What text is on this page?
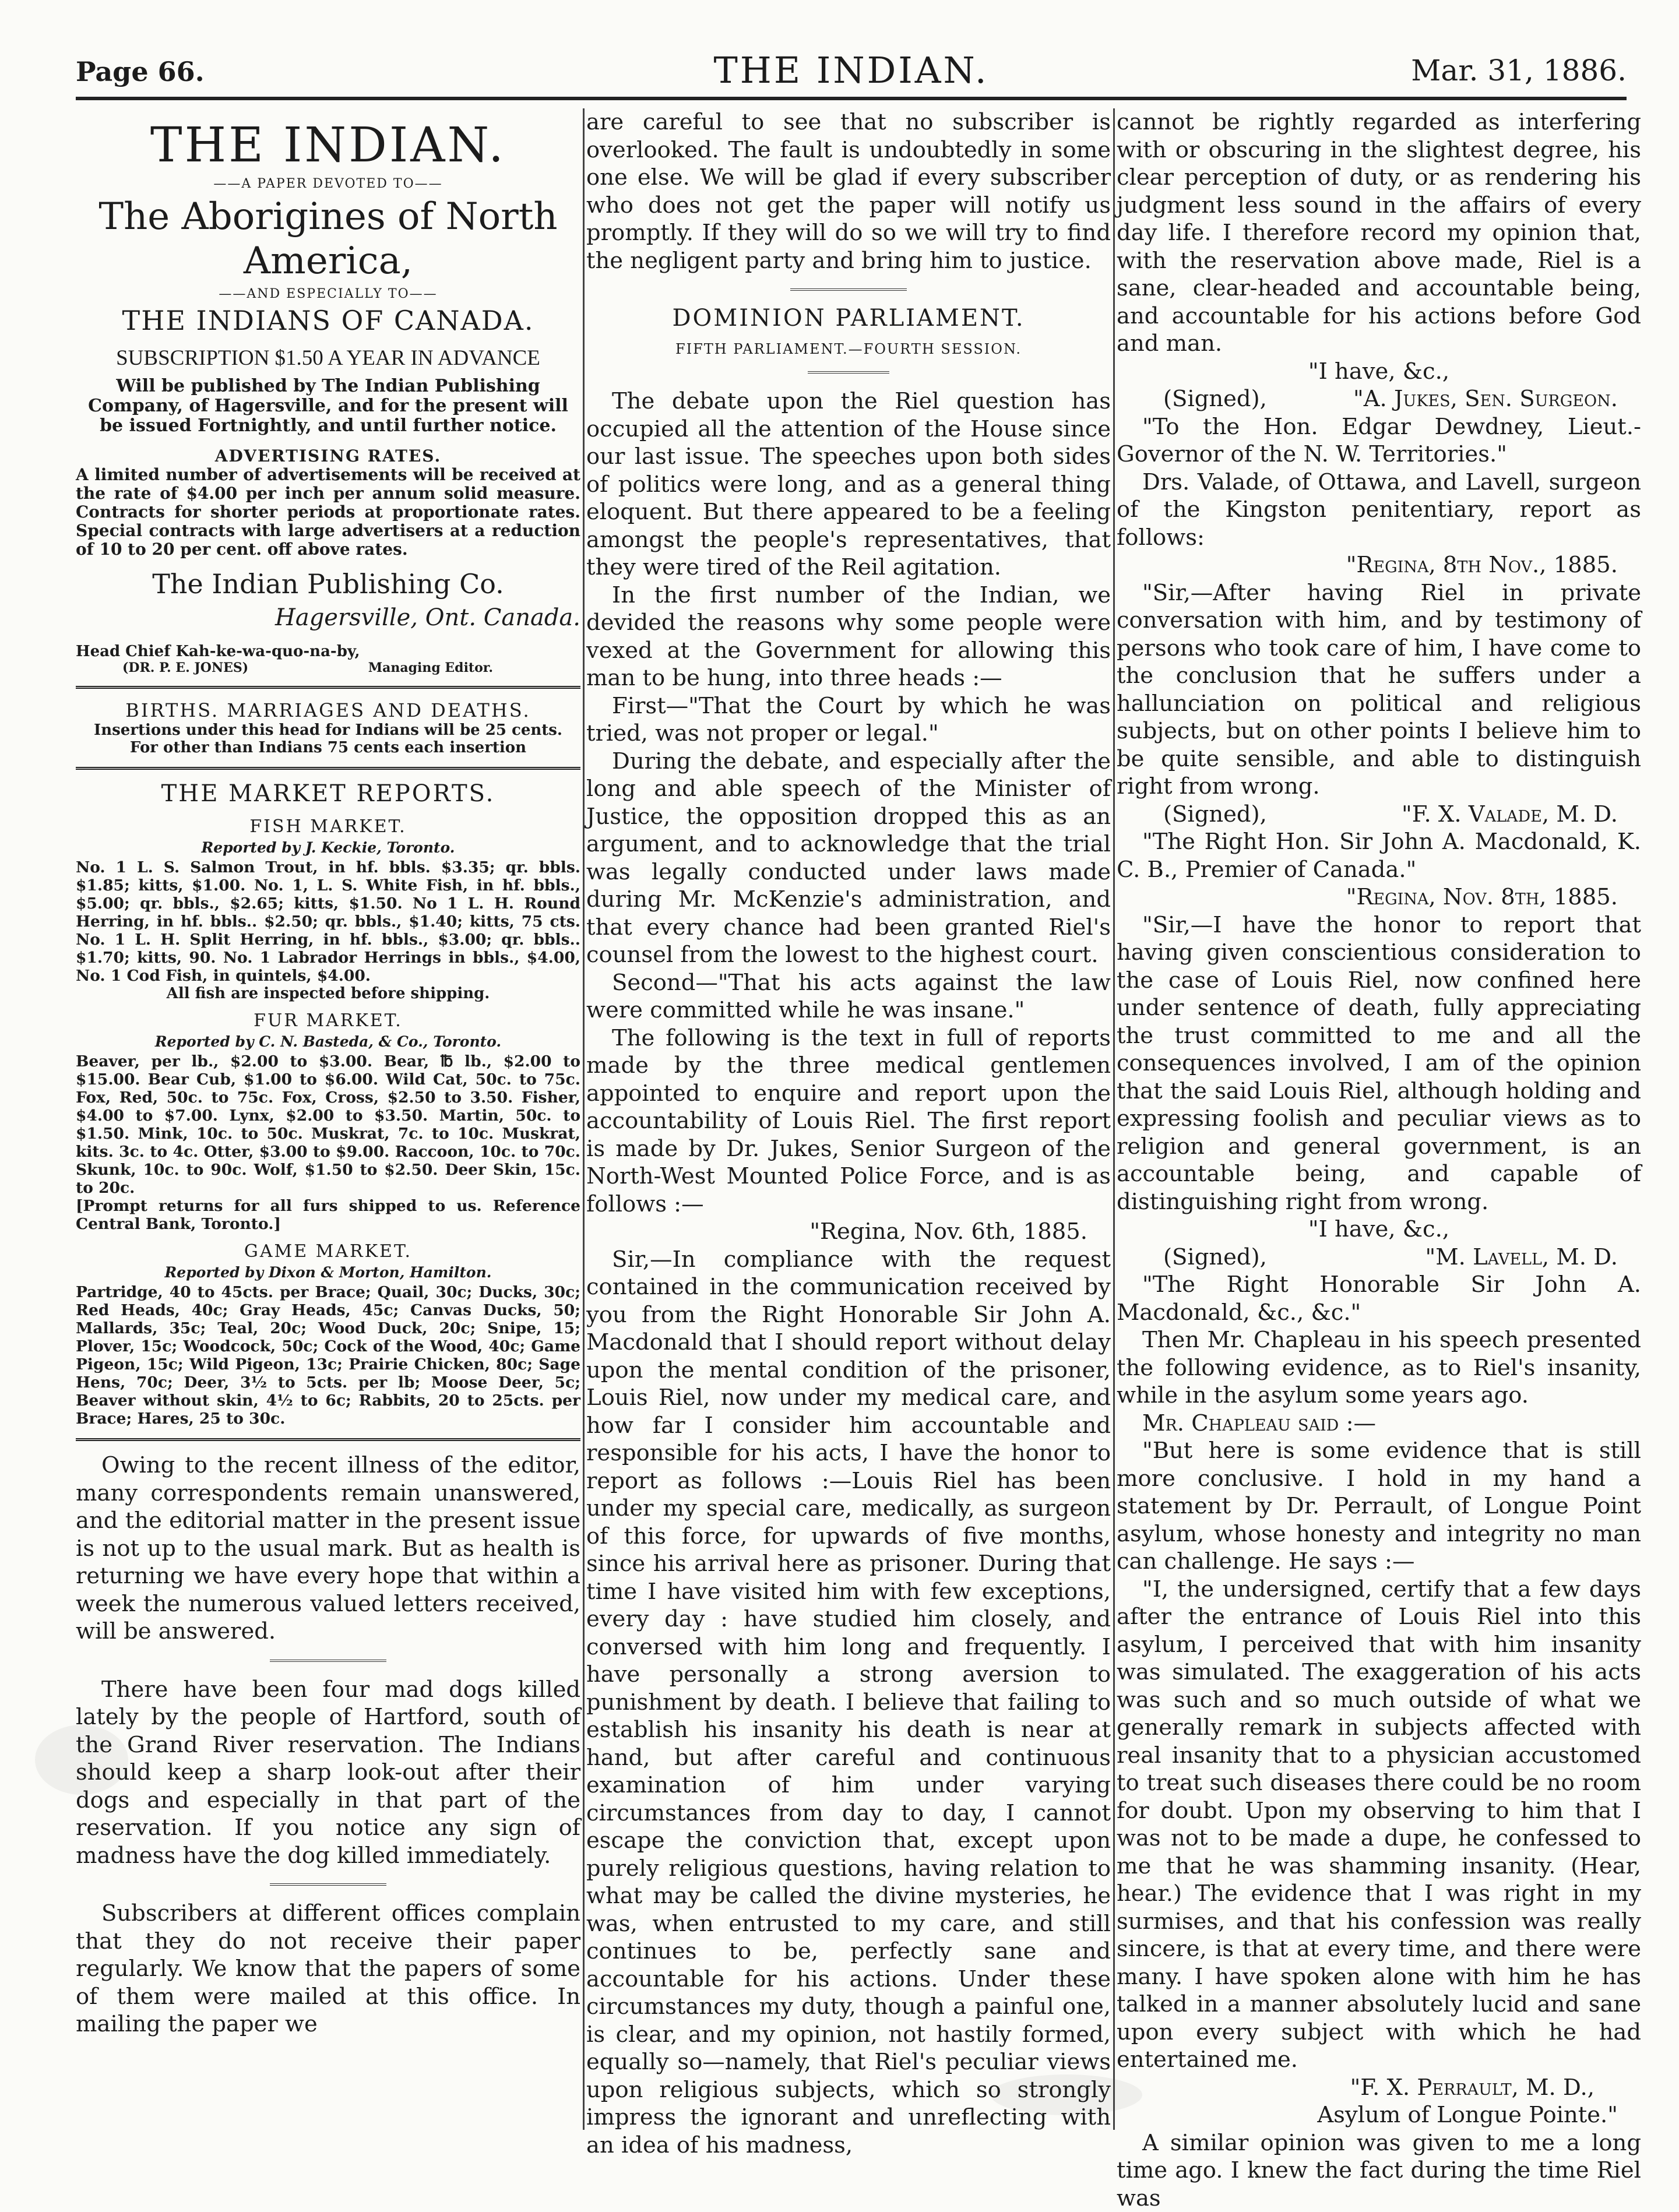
Page 66.	THE INDIAN.	Mar. 31, 1886.
THE INDIAN.
——A PAPER DEVOTED TO——
The Aborigines of North America,
——AND ESPECIALLY TO——
THE INDIANS OF CANADA.
SUBSCRIPTION $1.50 A YEAR IN ADVANCE
Will be published by The Indian Publishing Company, of Hagersville, and for the present will be issued Fortnightly, and until further notice.
ADVERTISING RATES.
A limited number of advertisements will be received at the rate of $4.00 per inch per annum solid measure. Contracts for shorter periods at proportionate rates. Special contracts with large advertisers at a reduction of 10 to 20 per cent. off above rates.
The Indian Publishing Co.
Hagersville, Ont. Canada.
Head Chief Kah-ke-wa-quo-na-by,
(DR. P. E. JONES)	Managing Editor.
BIRTHS. MARRIAGES AND DEATHS.
Insertions under this head for Indians will be 25 cents.
For other than Indians 75 cents each insertion
THE MARKET REPORTS.
FISH MARKET.
Reported by J. Keckie, Toronto.
No. 1 L. S. Salmon Trout, in hf. bbls. $3.35; qr. bbls. $1.85; kitts, $1.00. No. 1, L. S. White Fish, in hf. bbls., $5.00; qr. bbls., $2.65; kitts, $1.50. No 1 L. H. Round Herring, in hf. bbls.. $2.50; qr. bbls., $1.40; kitts, 75 cts. No. 1 L. H. Split Herring, in hf. bbls., $3.00; qr. bbls.. $1.70; kitts, 90. No. 1 Labrador Herrings in bbls., $4.00, No. 1 Cod Fish, in quintels, $4.00.
All fish are inspected before shipping.
FUR MARKET.
Reported by C. N. Basteda, & Co., Toronto.
Beaver, per lb., $2.00 to $3.00. Bear, ℔ lb., $2.00 to $15.00. Bear Cub, $1.00 to $6.00. Wild Cat, 50c. to 75c. Fox, Red, 50c. to 75c. Fox, Cross, $2.50 to 3.50. Fisher, $4.00 to $7.00. Lynx, $2.00 to $3.50. Martin, 50c. to $1.50. Mink, 10c. to 50c. Muskrat, 7c. to 10c. Muskrat, kits. 3c. to 4c. Otter, $3.00 to $9.00. Raccoon, 10c. to 70c. Skunk, 10c. to 90c. Wolf, $1.50 to $2.50. Deer Skin, 15c. to 20c.
[Prompt returns for all furs shipped to us. Reference Central Bank, Toronto.]
GAME MARKET.
Reported by Dixon & Morton, Hamilton.
Partridge, 40 to 45cts. per Brace; Quail, 30c; Ducks, 30c; Red Heads, 40c; Gray Heads, 45c; Canvas Ducks, 50; Mallards, 35c; Teal, 20c; Wood Duck, 20c; Snipe, 15; Plover, 15c; Woodcock, 50c; Cock of the Wood, 40c; Game Pigeon, 15c; Wild Pigeon, 13c; Prairie Chicken, 80c; Sage Hens, 70c; Deer, 3½ to 5cts. per lb; Moose Deer, 5c; Beaver without skin, 4½ to 6c; Rabbits, 20 to 25cts. per Brace; Hares, 25 to 30c.

Owing to the recent illness of the editor, many correspondents remain unanswered, and the editorial matter in the present issue is not up to the usual mark. But as health is returning we have every hope that within a week the numerous valued letters received, will be answered.

There have been four mad dogs killed lately by the people of Hartford, south of the Grand River reservation. The Indians should keep a sharp look-out after their dogs and especially in that part of the reservation. If you notice any sign of madness have the dog killed immediately.

Subscribers at different offices complain that they do not receive their paper regularly. We know that the papers of some of them were mailed at this office. In mailing the paper we

are careful to see that no subscriber is overlooked. The fault is undoubtedly in some one else. We will be glad if every subscriber who does not get the paper will notify us promptly. If they will do so we will try to find the negligent party and bring him to justice.

DOMINION PARLIAMENT.
FIFTH PARLIAMENT.—FOURTH SESSION.

The debate upon the Riel question has occupied all the attention of the House since our last issue. The speeches upon both sides of politics were long, and as a general thing eloquent. But there appeared to be a feeling amongst the people's representatives, that they were tired of the Reil agitation.

In the first number of the Indian, we devided the reasons why some people were vexed at the Government for allowing this man to be hung, into three heads :—

First—"That the Court by which he was tried, was not proper or legal."

During the debate, and especially after the long and able speech of the Minister of Justice, the opposition dropped this as an argument, and to acknowledge that the trial was legally conducted under laws made during Mr. McKenzie's administration, and that every chance had been granted Riel's counsel from the lowest to the highest court.

Second—"That his acts against the law were committed while he was insane."

The following is the text in full of reports made by the three medical gentlemen appointed to enquire and report upon the accountability of Louis Riel. The first report is made by Dr. Jukes, Senior Surgeon of the North-West Mounted Police Force, and is as follows :—

"Regina, Nov. 6th, 1885.

Sir,—In compliance with the request contained in the communication received by you from the Right Honorable Sir John A. Macdonald that I should report without delay upon the mental condition of the prisoner, Louis Riel, now under my medical care, and how far I consider him accountable and responsible for his acts, I have the honor to report as follows :—Louis Riel has been under my special care, medically, as surgeon of this force, for upwards of five months, since his arrival here as prisoner. During that time I have visited him with few exceptions, every day : have studied him closely, and conversed with him long and frequently. I have personally a strong aversion to punishment by death. I believe that failing to establish his insanity his death is near at hand, but after careful and continuous examination of him under varying circumstances from day to day, I cannot escape the conviction that, except upon purely religious questions, having relation to what may be called the divine mysteries, he was, when entrusted to my care, and still continues to be, perfectly sane and accountable for his actions. Under these circumstances my duty, though a painful one, is clear, and my opinion, not hastily formed, equally so—namely, that Riel's peculiar views upon religious subjects, which so strongly impress the ignorant and unreflecting with an idea of his madness,

cannot be rightly regarded as interfering with or obscuring in the slightest degree, his clear perception of duty, or as rendering his judgment less sound in the affairs of every day life. I therefore record my opinion that, with the reservation above made, Riel is a sane, clear-headed and accountable being, and accountable for his actions before God and man.

"I have, &c.,

(Signed),	"A. Jukes, Sen. Surgeon.

"To the Hon. Edgar Dewdney, Lieut.-Governor of the N. W. Territories."

Drs. Valade, of Ottawa, and Lavell, surgeon of the Kingston penitentiary, report as follows:

"Regina, 8th Nov., 1885.

"Sir,—After having Riel in private conversation with him, and by testimony of persons who took care of him, I have come to the conclusion that he suffers under a hallunciation on political and religious subjects, but on other points I believe him to be quite sensible, and able to distinguish right from wrong.

(Signed),	"F. X. Valade, M. D.

"The Right Hon. Sir John A. Macdonald, K. C. B., Premier of Canada."

"Regina, Nov. 8th, 1885.

"Sir,—I have the honor to report that having given conscientious consideration to the case of Louis Riel, now confined here under sentence of death, fully appreciating the trust committed to me and all the consequences involved, I am of the opinion that the said Louis Riel, although holding and expressing foolish and peculiar views as to religion and general government, is an accountable being, and capable of distinguishing right from wrong.

"I have, &c.,

(Signed),	"M. Lavell, M. D.

"The Right Honorable Sir John A. Macdonald, &c., &c."

Then Mr. Chapleau in his speech presented the following evidence, as to Riel's insanity, while in the asylum some years ago.

Mr. Chapleau said :—

"But here is some evidence that is still more conclusive. I hold in my hand a statement by Dr. Perrault, of Longue Point asylum, whose honesty and integrity no man can challenge. He says :—

"I, the undersigned, certify that a few days after the entrance of Louis Riel into this asylum, I perceived that with him insanity was simulated. The exaggeration of his acts was such and so much outside of what we generally remark in subjects affected with real insanity that to a physician accustomed to treat such diseases there could be no room for doubt. Upon my observing to him that I was not to be made a dupe, he confessed to me that he was shamming insanity. (Hear, hear.) The evidence that I was right in my surmises, and that his confession was really sincere, is that at every time, and there were many. I have spoken alone with him he has talked in a manner absolutely lucid and sane upon every subject with which he had entertained me.

"F. X. Perrault, M. D.,

Asylum of Longue Pointe."

A similar opinion was given to me a long time ago. I knew the fact during the time Riel was
